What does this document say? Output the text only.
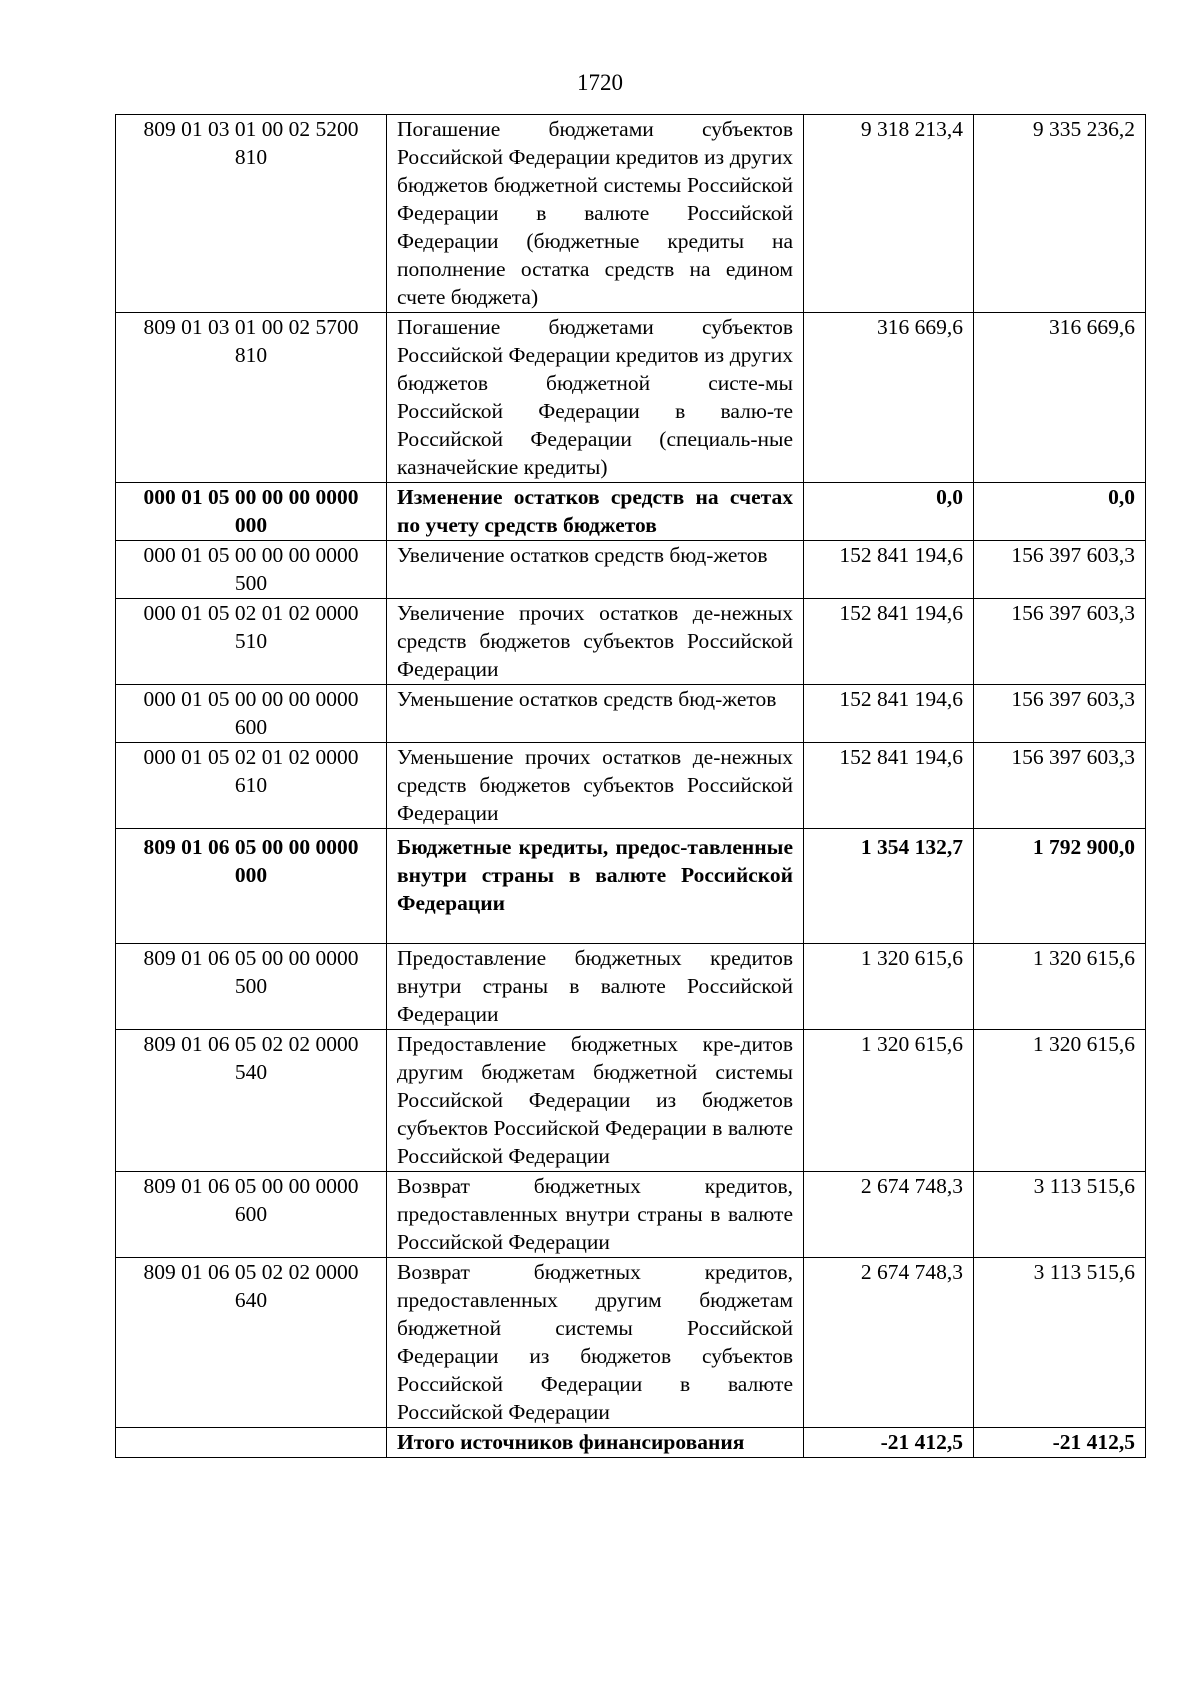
1720
809 01 03 01 00 02 5200 810	Погашение бюджетами субъектов Российской Федерации кредитов из других бюджетов бюджетной системы Российской Федерации в валюте Российской Федерации (бюджетные кредиты на пополнение остатка средств на едином счете бюджета)	9 318 213,4	9 335 236,2
809 01 03 01 00 02 5700 810	Погашение бюджетами субъектов Российской Федерации кредитов из других бюджетов бюджетной систе-мы Российской Федерации в валю-те Российской Федерации (специаль-ные казначейские кредиты)	316 669,6	316 669,6
000 01 05 00 00 00 0000 000	Изменение остатков средств на счетах по учету средств бюджетов	0,0	0,0
000 01 05 00 00 00 0000 500	Увеличение остатков средств бюд-жетов	152 841 194,6	156 397 603,3
000 01 05 02 01 02 0000 510	Увеличение прочих остатков де-нежных средств бюджетов субъектов Российской Федерации	152 841 194,6	156 397 603,3
000 01 05 00 00 00 0000 600	Уменьшение остатков средств бюд-жетов	152 841 194,6	156 397 603,3
000 01 05 02 01 02 0000 610	Уменьшение прочих остатков де-нежных средств бюджетов субъектов Российской Федерации	152 841 194,6	156 397 603,3
809 01 06 05 00 00 0000 000	Бюджетные кредиты, предос-тавленные внутри страны в валюте Российской Федерации	1 354 132,7	1 792 900,0
809 01 06 05 00 00 0000 500	Предоставление бюджетных кредитов внутри страны в валюте Российской Федерации	1 320 615,6	1 320 615,6
809 01 06 05 02 02 0000 540	Предоставление бюджетных кре-дитов другим бюджетам бюджетной системы Российской Федерации из бюджетов субъектов Российской Федерации в валюте Российской Федерации	1 320 615,6	1 320 615,6
809 01 06 05 00 00 0000 600	Возврат бюджетных кредитов, предоставленных внутри страны в валюте Российской Федерации	2 674 748,3	3 113 515,6
809 01 06 05 02 02 0000 640	Возврат бюджетных кредитов, предоставленных другим бюджетам бюджетной системы Российской Федерации из бюджетов субъектов Российской Федерации в валюте Российской Федерации	2 674 748,3	3 113 515,6
	Итого источников финансирования	-21 412,5	-21 412,5
